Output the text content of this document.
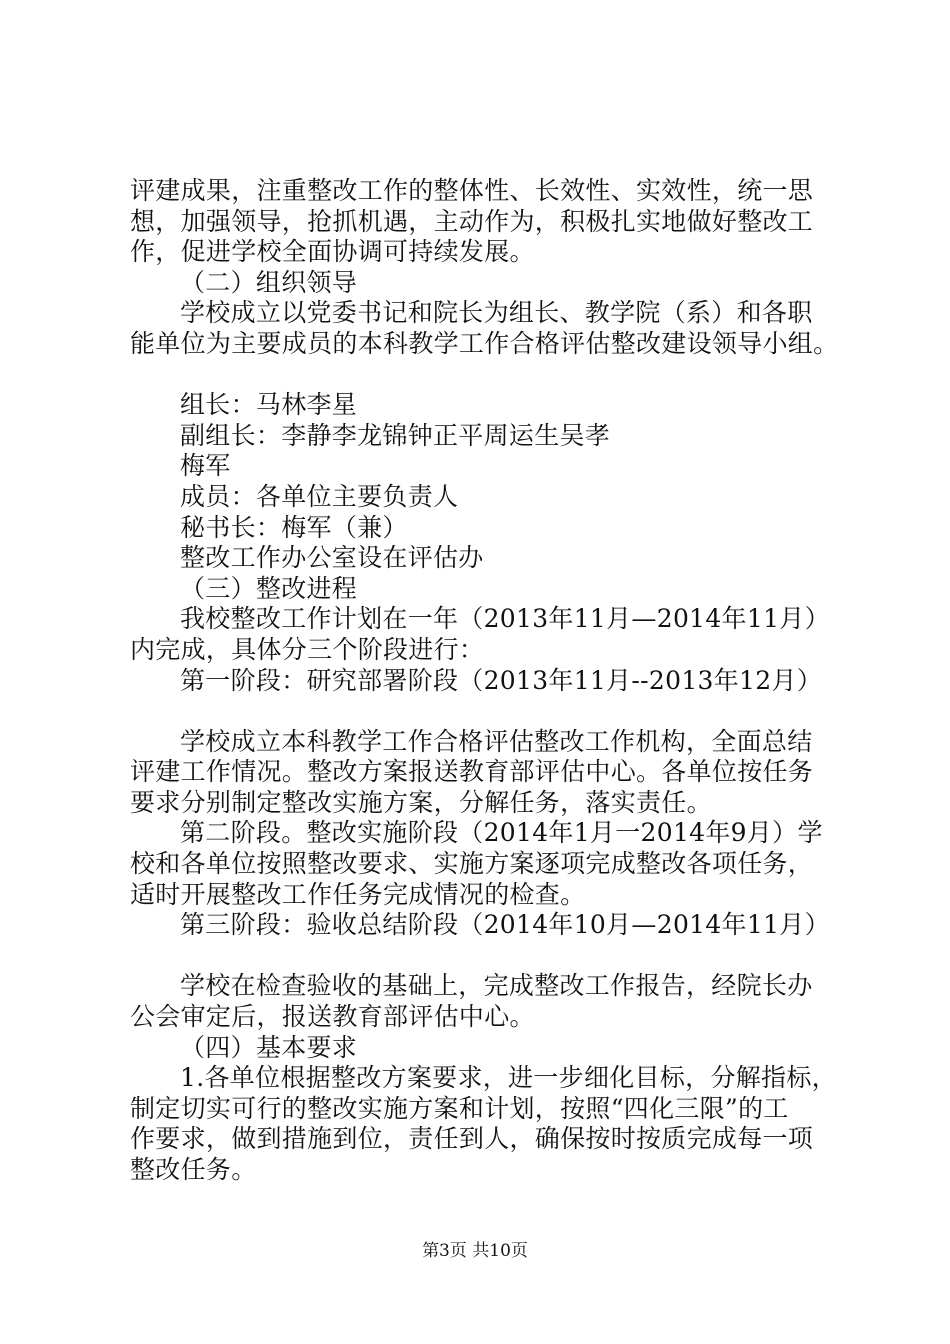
评建成果，注重整改工作的整体性、长效性、实效性，统一思
想，加强领导，抢抓机遇，主动作为，积极扎实地做好整改工
作，促进学校全面协调可持续发展。
（二）组织领导
学校成立以党委书记和院长为组长、教学院（系）和各职
能单位为主要成员的本科教学工作合格评估整改建设领导小组。
组长：马林李星
副组长：李静李龙锦钟正平周运生吴孝
梅军
成员：各单位主要负责人
秘书长：梅军（兼）
整改工作办公室设在评估办
（三）整改进程
我校整改工作计划在一年（2013年11月—2014年11月）
内完成，具体分三个阶段进行：
第一阶段：研究部署阶段（2013年11月--2013年12月）
学校成立本科教学工作合格评估整改工作机构，全面总结
评建工作情况。整改方案报送教育部评估中心。各单位按任务
要求分别制定整改实施方案，分解任务，落实责任。
第二阶段。整改实施阶段（2014年1月一2014年9月）学
校和各单位按照整改要求、实施方案逐项完成整改各项任务，
适时开展整改工作任务完成情况的检查。
第三阶段：验收总结阶段（2014年10月—2014年11月）
学校在检查验收的基础上，完成整改工作报告，经院长办
公会审定后，报送教育部评估中心。
（四）基本要求
1.各单位根据整改方案要求，进一步细化目标，分解指标，
制定切实可行的整改实施方案和计划，按照“四化三限”的工
作要求，做到措施到位，责任到人，确保按时按质完成每一项
整改任务。
第3页 共10页
